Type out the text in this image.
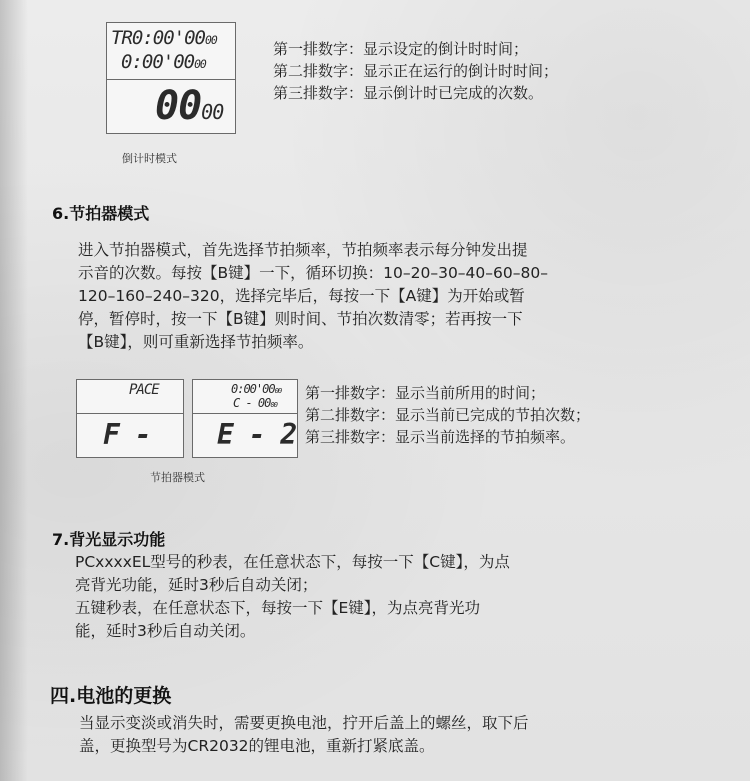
TR0:00'0000
0:00'0000
0000
倒计时模式
第一排数字：显示设定的倒计时时间；
第二排数字：显示正在运行的倒计时时间；
第三排数字：显示倒计时已完成的次数。
6.节拍器模式
进入节拍器模式，首先选择节拍频率，节拍频率表示每分钟发出提
示音的次数。每按【B键】一下，循环切换：10–20–30–40–60–80–
120–160–240–320，选择完毕后，每按一下【A键】为开始或暂
停，暂停时，按一下【B键】则时间、节拍次数清零；若再按一下
【B键】，则可重新选择节拍频率。
PACE
F -
0:00'0000
C - 0000
E - 2
节拍器模式
第一排数字：显示当前所用的时间；
第二排数字：显示当前已完成的节拍次数；
第三排数字：显示当前选择的节拍频率。
7.背光显示功能
PCxxxxEL型号的秒表，在任意状态下，每按一下【C键】，为点
亮背光功能，延时3秒后自动关闭；
五键秒表，在任意状态下，每按一下【E键】，为点亮背光功
能，延时3秒后自动关闭。
四.电池的更换
当显示变淡或消失时，需要更换电池，拧开后盖上的螺丝，取下后
盖，更换型号为CR2032的锂电池，重新打紧底盖。
